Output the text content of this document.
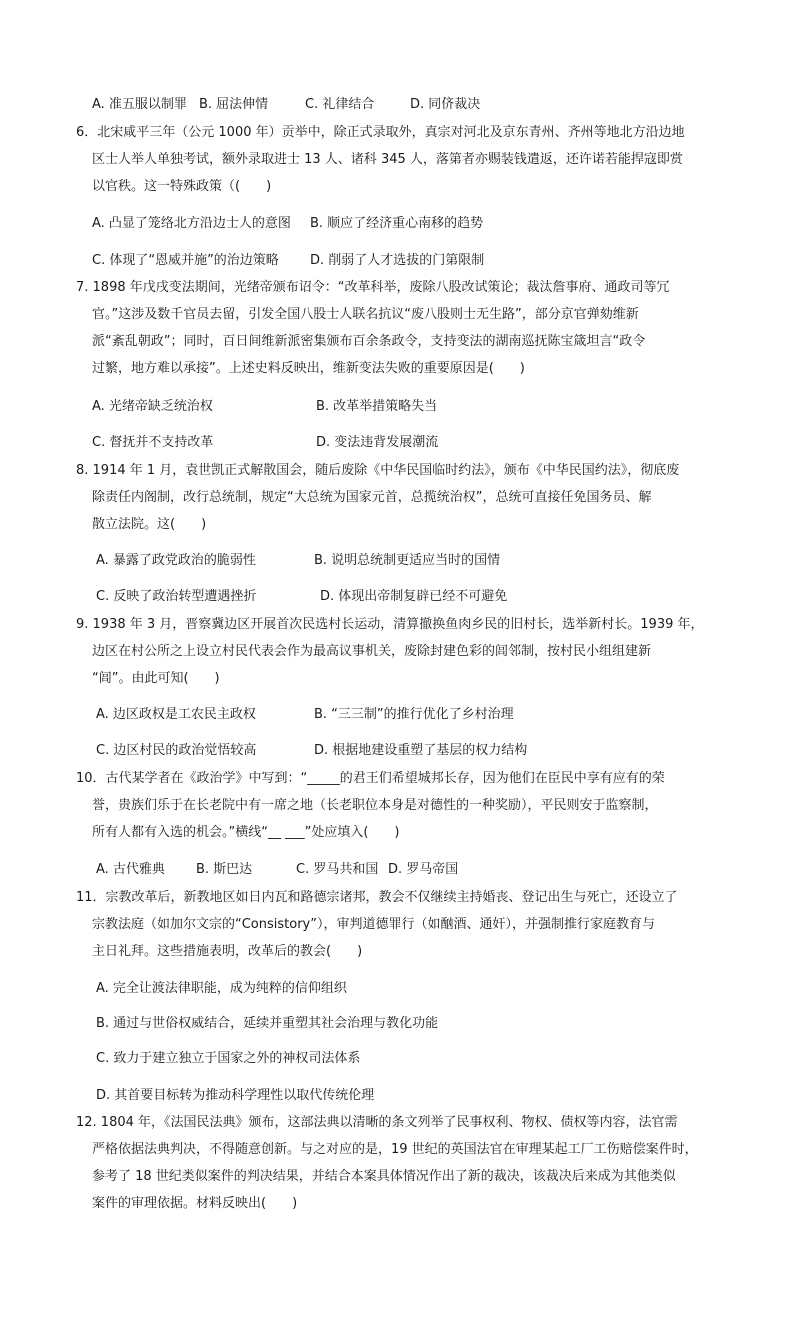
A. 准五服以制罪 B. 屈法伸情	C. 礼律结合	D. 同侪裁决
6．北宋咸平三年（公元 1000 年）贡举中，除正式录取外，真宗对河北及京东青州、齐州等地北方沿边地
区士人举人单独考试，额外录取进士 13 人、诸科 345 人，落第者亦赐装钱遣返，还许诺若能捍寇即赏
以官秩。这一特殊政策（(　　)
A. 凸显了笼络北方沿边士人的意图 B. 顺应了经济重心南移的趋势
C. 体现了“恩威并施”的治边策略 D. 削弱了人才选拔的门第限制
7. 1898 年戊戌变法期间，光绪帝颁布诏令：“改革科举，废除八股改试策论；裁汰詹事府、通政司等冗
官。”这涉及数千官员去留，引发全国八股士人联名抗议“废八股则士无生路”，部分京官弹劾维新
派“紊乱朝政”；同时，百日间维新派密集颁布百余条政令，支持变法的湖南巡抚陈宝箴坦言“政令
过繁，地方难以承接”。上述史料反映出，维新变法失败的重要原因是(　　)
A. 光绪帝缺乏统治权	B. 改革举措策略失当
C. 督抚并不支持改革	D. 变法违背发展潮流
8. 1914 年 1 月，袁世凯正式解散国会，随后废除《中华民国临时约法》，颁布《中华民国约法》，彻底废
除责任内阁制，改行总统制，规定“大总统为国家元首，总揽统治权”，总统可直接任免国务员、解
散立法院。这(　　)
A. 暴露了政党政治的脆弱性	B. 说明总统制更适应当时的国情
C. 反映了政治转型遭遇挫折	D. 体现出帝制复辟已经不可避免
9. 1938 年 3 月，晋察冀边区开展首次民选村长运动，清算撤换鱼肉乡民的旧村长，选举新村长。1939 年，
边区在村公所之上设立村民代表会作为最高议事机关，废除封建色彩的闾邻制，按村民小组组建新
“闾”。由此可知(　　)
A. 边区政权是工农民主政权	B. “三三制”的推行优化了乡村治理
C. 边区村民的政治觉悟较高	D. 根据地建设重塑了基层的权力结构
10．古代某学者在《政治学》中写到：“_____的君王们希望城邦长存，因为他们在臣民中享有应有的荣
誉，贵族们乐于在长老院中有一席之地（长老职位本身是对德性的一种奖励），平民则安于监察制，
所有人都有入选的机会。”横线“__ ___”处应填入(　　)
A. 古代雅典 B. 斯巴达	C. 罗马共和国 D. 罗马帝国
11．宗教改革后，新教地区如日内瓦和路德宗诸邦，教会不仅继续主持婚丧、登记出生与死亡，还设立了
宗教法庭（如加尔文宗的“Consistory”），审判道德罪行（如酗酒、通奸），并强制推行家庭教育与
主日礼拜。这些措施表明，改革后的教会(　　)
A. 完全让渡法律职能，成为纯粹的信仰组织
B. 通过与世俗权威结合，延续并重塑其社会治理与教化功能
C. 致力于建立独立于国家之外的神权司法体系
D. 其首要目标转为推动科学理性以取代传统伦理
12. 1804 年，《法国民法典》颁布，这部法典以清晰的条文列举了民事权利、物权、债权等内容，法官需
严格依据法典判决，不得随意创新。与之对应的是，19 世纪的英国法官在审理某起工厂工伤赔偿案件时，
参考了 18 世纪类似案件的判决结果，并结合本案具体情况作出了新的裁决，该裁决后来成为其他类似
案件的审理依据。材料反映出(　　)
